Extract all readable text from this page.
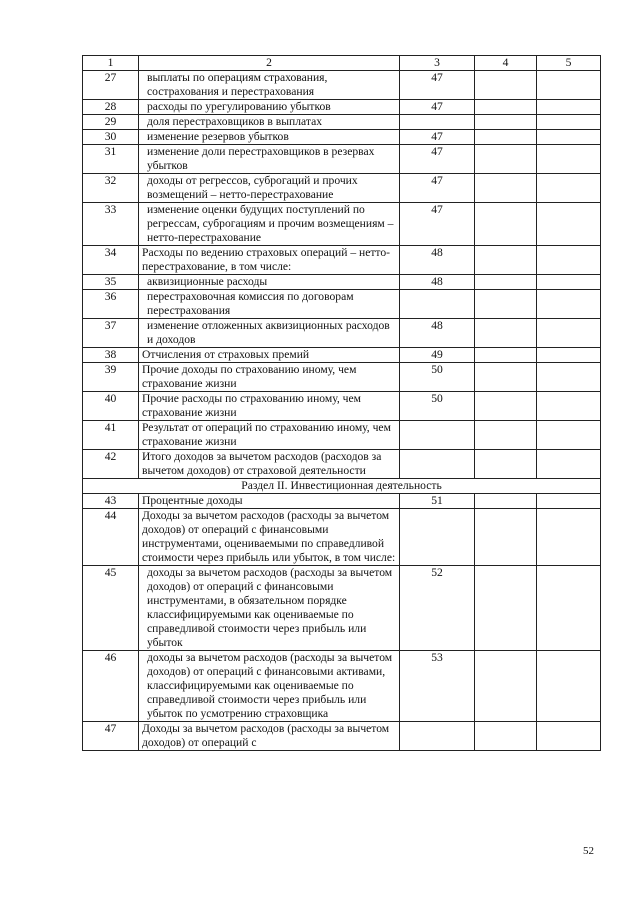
1	2	3	4	5
27	выплаты по операциям страхования, сострахования и перестрахования	47		
28	расходы по урегулированию убытков	47		
29	доля перестраховщиков в выплатах			
30	изменение резервов убытков	47		
31	изменение доли перестраховщиков в резервах убытков	47		
32	доходы от регрессов, суброгаций и прочих возмещений – нетто-перестрахование	47		
33	изменение оценки будущих поступлений по регрессам, суброгациям и прочим возмещениям – нетто-перестрахование	47		
34	Расходы по ведению страховых операций – нетто-перестрахование, в том числе:	48		
35	аквизиционные расходы	48		
36	перестраховочная комиссия по договорам перестрахования			
37	изменение отложенных аквизиционных расходов и доходов	48		
38	Отчисления от страховых премий	49		
39	Прочие доходы по страхованию иному, чем страхование жизни	50		
40	Прочие расходы по страхованию иному, чем страхование жизни	50		
41	Результат от операций по страхованию иному, чем страхование жизни			
42	Итого доходов за вычетом расходов (расходов за вычетом доходов) от страховой деятельности			
Раздел II. Инвестиционная деятельность				
43	Процентные доходы	51		
44	Доходы за вычетом расходов (расходы за вычетом доходов) от операций с финансовыми инструментами, оцениваемыми по справедливой стоимости через прибыль или убыток, в том числе:			
45	доходы за вычетом расходов (расходы за вычетом доходов) от операций с финансовыми инструментами, в обязательном порядке классифицируемыми как оцениваемые по справедливой стоимости через прибыль или убыток	52		
46	доходы за вычетом расходов (расходы за вычетом доходов) от операций с финансовыми активами, классифицируемыми как оцениваемые по справедливой стоимости через прибыль или убыток по усмотрению страховщика	53		
47	Доходы за вычетом расходов (расходы за вычетом доходов) от операций с			
52
